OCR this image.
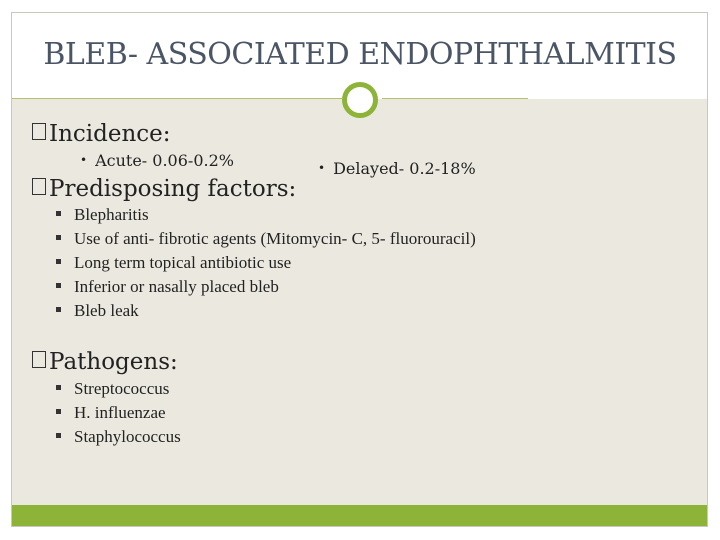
BLEB- ASSOCIATED ENDOPHTHALMITIS
Incidence:
• Acute- 0.06-0.2%	• Delayed- 0.2-18%
Predisposing factors:
Blepharitis
Use of anti- fibrotic agents (Mitomycin- C, 5- fluorouracil)
Long term topical antibiotic use
Inferior or nasally placed bleb
Bleb leak
Pathogens:
Streptococcus
H. influenzae
Staphylococcus
